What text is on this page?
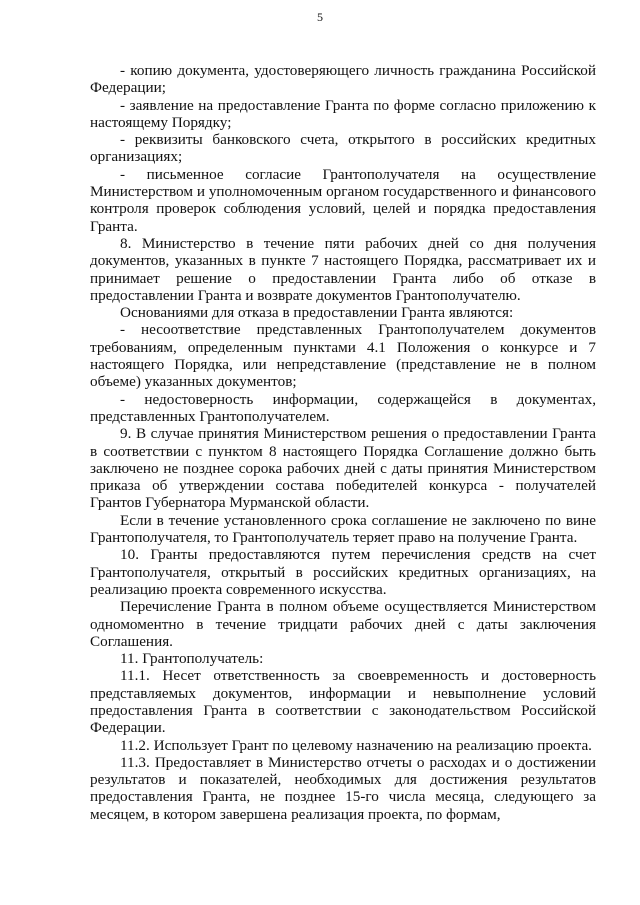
5

- копию документа, удостоверяющего личность гражданина Российской Федерации;

- заявление на предоставление Гранта по форме согласно приложению к настоящему Порядку;

- реквизиты банковского счета, открытого в российских кредитных организациях;

- письменное согласие Грантополучателя на осуществление Министерством и уполномоченным органом государственного и финансового контроля проверок соблюдения условий, целей и порядка предоставления Гранта.

8. Министерство в течение пяти рабочих дней со дня получения документов, указанных в пункте 7 настоящего Порядка, рассматривает их и принимает решение о предоставлении Гранта либо об отказе в предоставлении Гранта и возврате документов Грантополучателю.

Основаниями для отказа в предоставлении Гранта являются:

- несоответствие представленных Грантополучателем документов требованиям, определенным пунктами 4.1 Положения о конкурсе и 7 настоящего Порядка, или непредставление (представление не в полном объеме) указанных документов;

- недостоверность информации, содержащейся в документах, представленных Грантополучателем.

9. В случае принятия Министерством решения о предоставлении Гранта в соответствии с пунктом 8 настоящего Порядка Соглашение должно быть заключено не позднее сорока рабочих дней с даты принятия Министерством приказа об утверждении состава победителей конкурса - получателей Грантов Губернатора Мурманской области.

Если в течение установленного срока соглашение не заключено по вине Грантополучателя, то Грантополучатель теряет право на получение Гранта.

10. Гранты предоставляются путем перечисления средств на счет Грантополучателя, открытый в российских кредитных организациях, на реализацию проекта современного искусства.

Перечисление Гранта в полном объеме осуществляется Министерством одномоментно в течение тридцати рабочих дней с даты заключения Соглашения.

11. Грантополучатель:

11.1. Несет ответственность за своевременность и достоверность представляемых документов, информации и невыполнение условий предоставления Гранта в соответствии с законодательством Российской Федерации.

11.2. Использует Грант по целевому назначению на реализацию проекта.

11.3. Предоставляет в Министерство отчеты о расходах и о достижении результатов и показателей, необходимых для достижения результатов предоставления Гранта, не позднее 15-го числа месяца, следующего за месяцем, в котором завершена реализация проекта, по формам,
